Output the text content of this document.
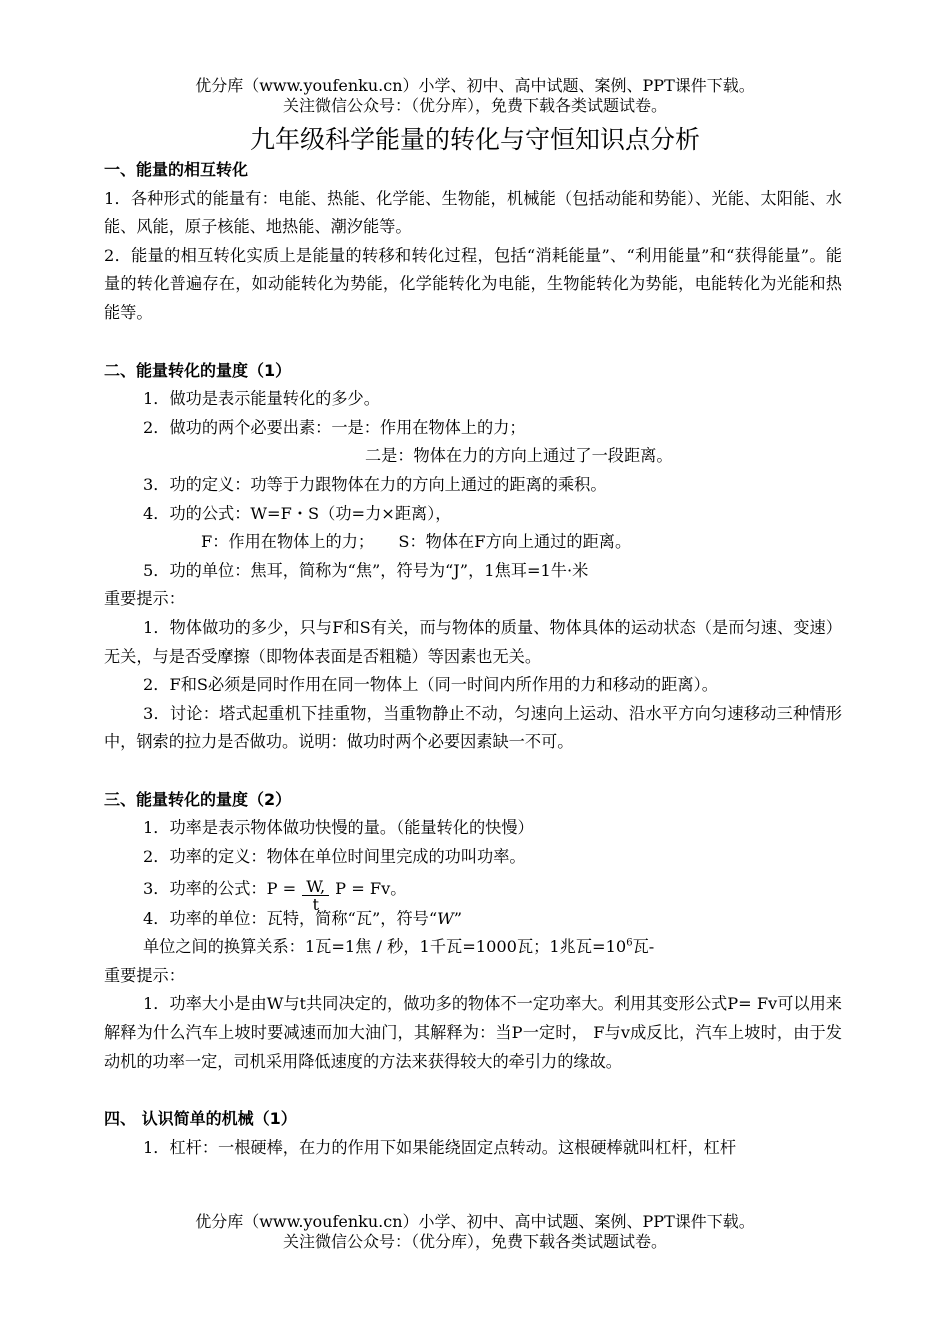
优分库（www.youfenku.cn）小学、初中、高中试题、案例、PPT课件下载。
关注微信公众号：（优分库），免费下载各类试题试卷。
九年级科学能量的转化与守恒知识点分析

一、能量的相互转化

1．各种形式的能量有：电能、热能、化学能、生物能，机械能（包括动能和势能）、光能、太阳能、水能、风能，原子核能、地热能、潮汐能等。

2．能量的相互转化实质上是能量的转移和转化过程，包括“消耗能量”、“利用能量”和“获得能量”。能量的转化普遍存在，如动能转化为势能，化学能转化为电能，生物能转化为势能，电能转化为光能和热能等。

二、能量转化的量度（1）

1．做功是表示能量转化的多少。

2．做功的两个必要出素：一是：作用在物体上的力；

二是：物体在力的方向上通过了一段距离。

3．功的定义：功等于力跟物体在力的方向上通过的距离的乘积。

4．功的公式：W=F・S（功=力×距离），

F：作用在物体上的力；　　S：物体在F方向上通过的距离。

5．功的单位：焦耳，简称为“焦”，符号为“J”，1焦耳=1牛·米

重要提示：

1．物体做功的多少，只与F和S有关，而与物体的质量、物体具体的运动状态（是而匀速、变速）无关，与是否受摩擦（即物体表面是否粗糙）等因素也无关。

2．F和S必须是同时作用在同一物体上（同一时间内所作用的力和移动的距离）。

3．讨论：塔式起重机下挂重物，当重物静止不动，匀速向上运动、沿水平方向匀速移动三种情形中，钢索的拉力是否做功。说明：做功时两个必要因素缺一不可。

三、能量转化的量度（2）

1．功率是表示物体做功快慢的量。（能量转化的快慢）

2．功率的定义：物体在单位时间里完成的功叫功率。

3．功率的公式：$P = \frac{W,}{t}$ P = Fv。

4．功率的单位：瓦特，简称“瓦”，符号“W”

单位之间的换算关系：1瓦=1焦 / 秒，1千瓦=1000瓦；1兆瓦$=10^6$瓦-

重要提示：

1．功率大小是由W与t共同决定的，做功多的物体不一定功率大。利用其变形公式P= Fv可以用来解释为什么汽车上坡时要减速而加大油门，其解释为：当P一定时， F与v成反比，汽车上坡时，由于发动机的功率一定，司机采用降低速度的方法来获得较大的牵引力的缘故。

四、 认识简单的机械（1）

1．杠杆：一根硬棒，在力的作用下如果能绕固定点转动。这根硬棒就叫杠杆，杠杆

优分库（www.youfenku.cn）小学、初中、高中试题、案例、PPT课件下载。
关注微信公众号：（优分库），免费下载各类试题试卷。
